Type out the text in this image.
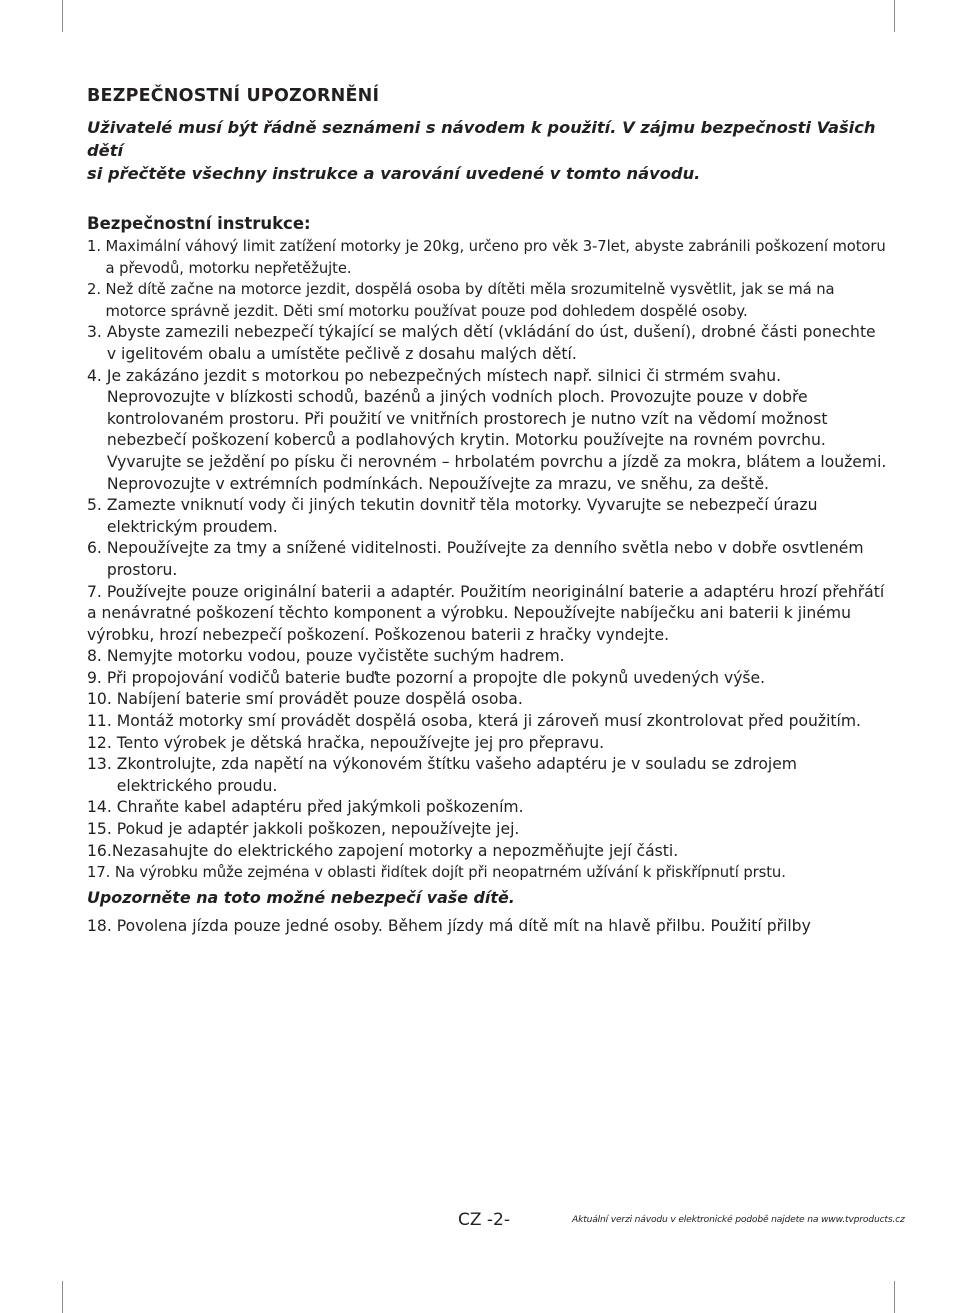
BEZPEČNOSTNÍ UPOZORNĚNÍ
Uživatelé musí být řádně seznámeni s návodem k použití. V zájmu bezpečnosti Vašich dětí
si přečtěte všechny instrukce a varování uvedené v tomto návodu.
Bezpečnostní instrukce:
1. Maximální váhový limit zatížení motorky je 20kg, určeno pro věk 3-7let, abyste zabránili poškození motoru a převodů, motorku nepřetěžujte.
2. Než dítě začne na motorce jezdit, dospělá osoba by dítěti měla srozumitelně vysvětlit, jak se má na motorce správně jezdit. Děti smí motorku používat pouze pod dohledem dospělé osoby.
3. Abyste zamezili nebezpečí týkající se malých dětí (vkládání do úst, dušení), drobné části ponechte v igelitovém obalu a umístěte pečlivě z dosahu malých dětí.
4. Je zakázáno jezdit s motorkou po nebezpečných místech např. silnici či strmém svahu. Neprovozujte v blízkosti schodů, bazénů a jiných vodních ploch. Provozujte pouze v dobře kontrolovaném prostoru. Při použití ve vnitřních prostorech je nutno vzít na vědomí možnost nebezbečí poškození koberců a podlahových krytin. Motorku používejte na rovném povrchu. Vyvarujte se ježdění po písku či nerovném – hrbolatém povrchu a jízdě za mokra, blátem a loužemi. Neprovozujte v extrémních podmínkách. Nepoužívejte za mrazu, ve sněhu, za deště.
5. Zamezte vniknutí vody či jiných tekutin dovnitř těla motorky. Vyvarujte se nebezpečí úrazu elektrickým proudem.
6. Nepoužívejte za tmy a snížené viditelnosti. Používejte za denního světla nebo v dobře osvtleném prostoru.
7. Používejte pouze originální baterii a adaptér. Použitím neoriginální baterie a adaptéru hrozí přehřátí a nenávratné poškození těchto komponent a výrobku. Nepoužívejte nabíječku ani baterii k jinému výrobku, hrozí nebezpečí poškození. Poškozenou baterii z hračky vyndejte.
8. Nemyjte motorku vodou, pouze vyčistěte suchým hadrem.
9. Při propojování vodičů baterie buďte pozorní a propojte dle pokynů uvedených výše.
10. Nabíjení baterie smí provádět pouze dospělá osoba.
11. Montáž motorky smí provádět dospělá osoba, která ji zároveň musí zkontrolovat před použitím.
12. Tento výrobek je dětská hračka, nepoužívejte jej pro přepravu.
13. Zkontrolujte, zda napětí na výkonovém štítku vašeho adaptéru je v souladu se zdrojem elektrického proudu.
14. Chraňte kabel adaptéru před jakýmkoli poškozením.
15. Pokud je adaptér jakkoli poškozen, nepoužívejte jej.
16. Nezasahujte do elektrického zapojení motorky a nepozměňujte její části.
17. Na výrobku může zejména v oblasti řidítek dojít při neopatrném užívání k přiskřípnutí prstu.
Upozorněte na toto možné nebezpečí vaše dítě.
18. Povolena jízda pouze jedné osoby. Během jízdy má dítě mít na hlavě přilbu. Použití přilby
CZ -2-	Aktuální verzi návodu v elektronické podobě najdete na www.tvproducts.cz
